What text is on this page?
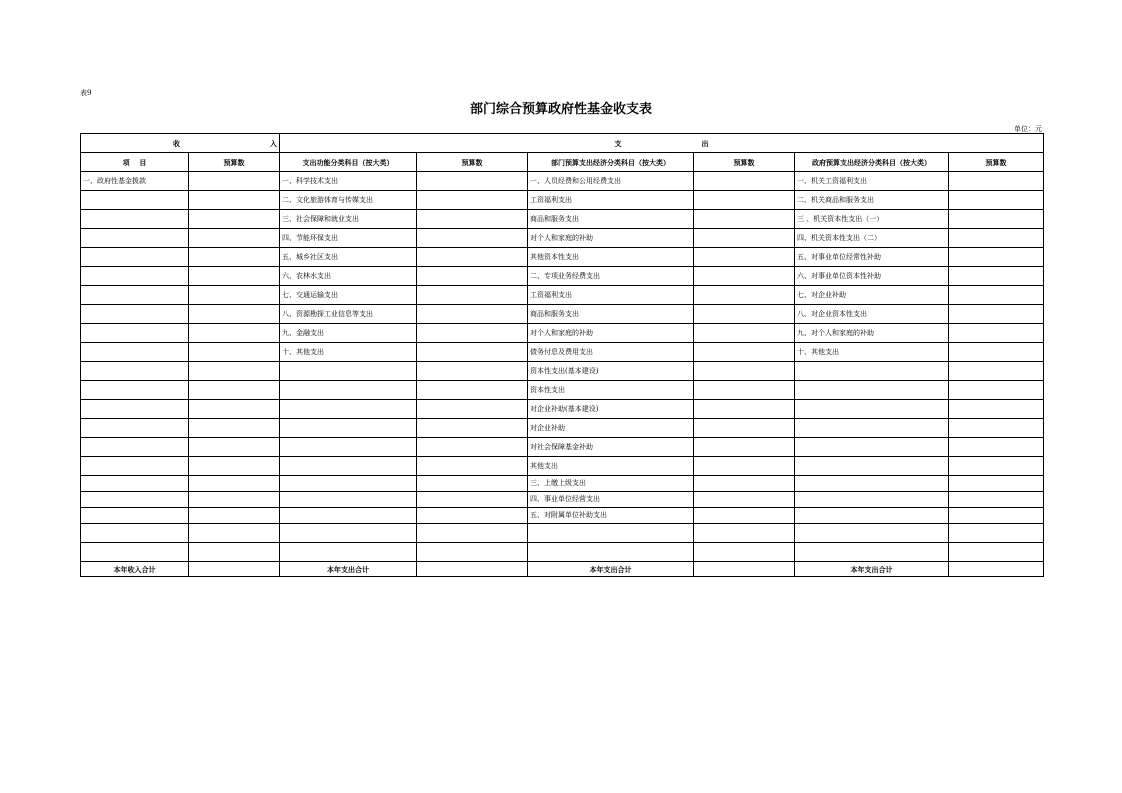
表9
部门综合预算政府性基金收支表
单位：元
收入		支出					
项    目	预算数	支出功能分类科目（按大类）	预算数	部门预算支出经济分类科目（按大类）	预算数	政府预算支出经济分类科目（按大类）	预算数
一、政府性基金拨款		一、科学技术支出		一、人员经费和公用经费支出		一、机关工资福利支出	
		二、文化旅游体育与传媒支出		工资福利支出		二、机关商品和服务支出	
		三、社会保障和就业支出		商品和服务支出		三 、机关资本性支出（一）	
		四、节能环保支出		对个人和家庭的补助		四、机关资本性支出（二）	
		五、城乡社区支出		其他资本性支出		五、对事业单位经常性补助	
		六、农林水支出		二、专项业务经费支出		六、对事业单位资本性补助	
		七、交通运输支出		工资福利支出		七、对企业补助	
		八、资源勘探工业信息等支出		商品和服务支出		八、对企业资本性支出	
		九、金融支出		对个人和家庭的补助		九、对个人和家庭的补助	
		十、其他支出		债务付息及费用支出		十、其他支出	
				资本性支出(基本建设)			
				资本性支出			
				对企业补助(基本建设)			
				对企业补助			
				对社会保障基金补助			
				其他支出			
				三、上缴上级支出			
				四、事业单位经营支出			
				五、对附属单位补助支出			

本年收入合计		本年支出合计		本年支出合计		本年支出合计	
